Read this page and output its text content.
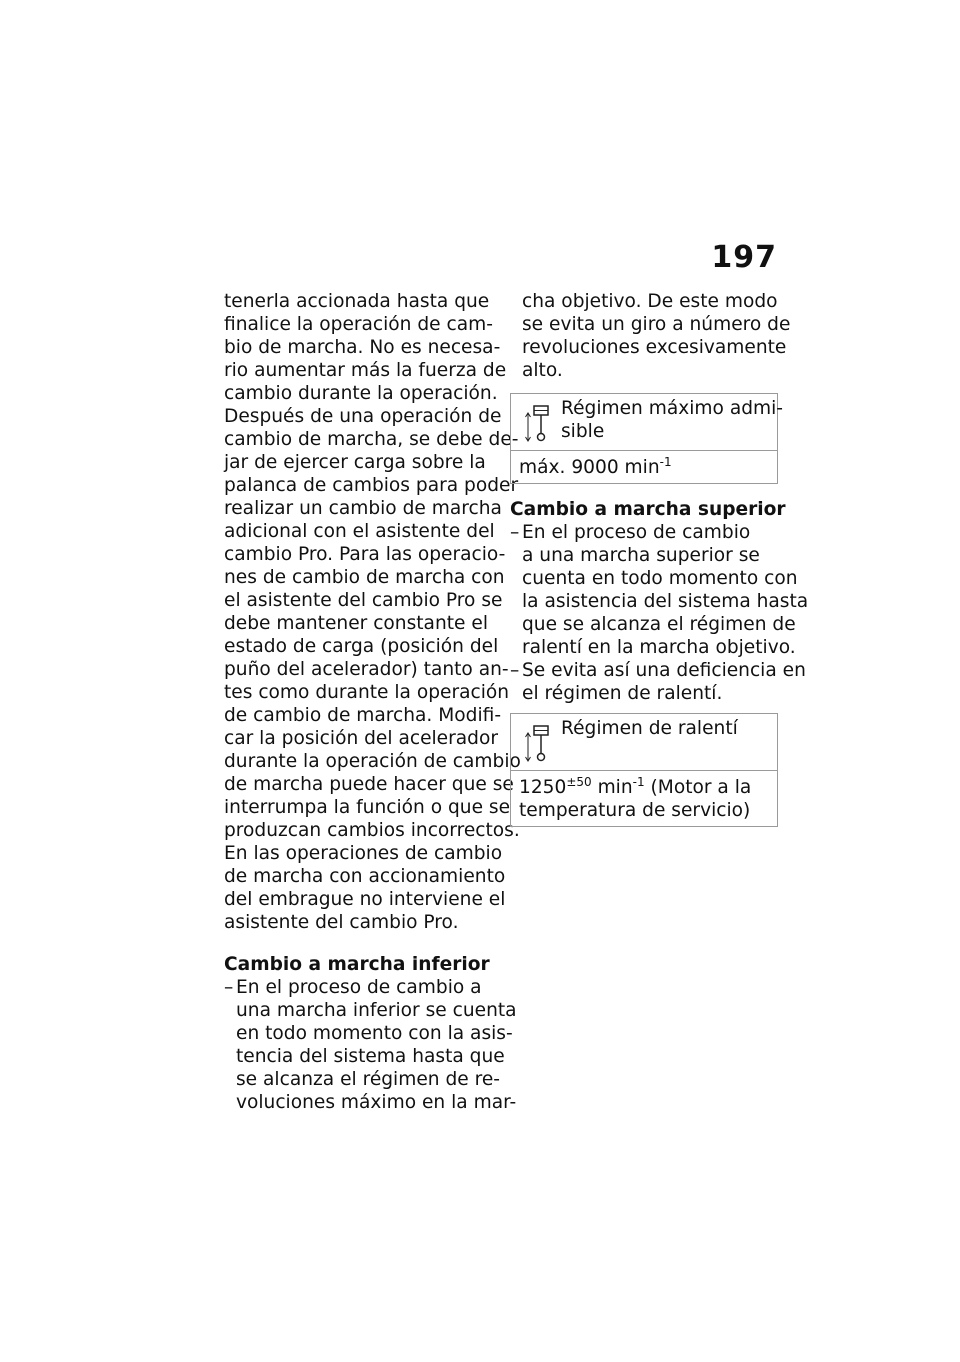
197
tenerla accionada hasta que
finalice la operación de cam-
bio de marcha. No es necesa-
rio aumentar más la fuerza de
cambio durante la operación.
Después de una operación de
cambio de marcha, se debe de-
jar de ejercer carga sobre la
palanca de cambios para poder
realizar un cambio de marcha
adicional con el asistente del
cambio Pro. Para las operacio-
nes de cambio de marcha con
el asistente del cambio Pro se
debe mantener constante el
estado de carga (posición del
puño del acelerador) tanto an-
tes como durante la operación
de cambio de marcha. Modifi-
car la posición del acelerador
durante la operación de cambio
de marcha puede hacer que se
interrumpa la función o que se
produzcan cambios incorrectos.
En las operaciones de cambio
de marcha con accionamiento
del embrague no interviene el
asistente del cambio Pro.
Cambio a marcha inferior
– En el proceso de cambio a
una marcha inferior se cuenta
en todo momento con la asis-
tencia del sistema hasta que
se alcanza el régimen de re-
voluciones máximo en la mar-
cha objetivo. De este modo
se evita un giro a número de
revoluciones excesivamente
alto.
Régimen máximo admi-
sible
máx. 9000 $\min^{-1}$
Cambio a marcha superior
– En el proceso de cambio
a una marcha superior se
cuenta en todo momento con
la asistencia del sistema hasta
que se alcanza el régimen de
ralentí en la marcha objetivo.
– Se evita así una deficiencia en
el régimen de ralentí.
Régimen de ralentí
$1250^{\pm 50}$ $\min^{-1}$ (Motor a la
temperatura de servicio)
